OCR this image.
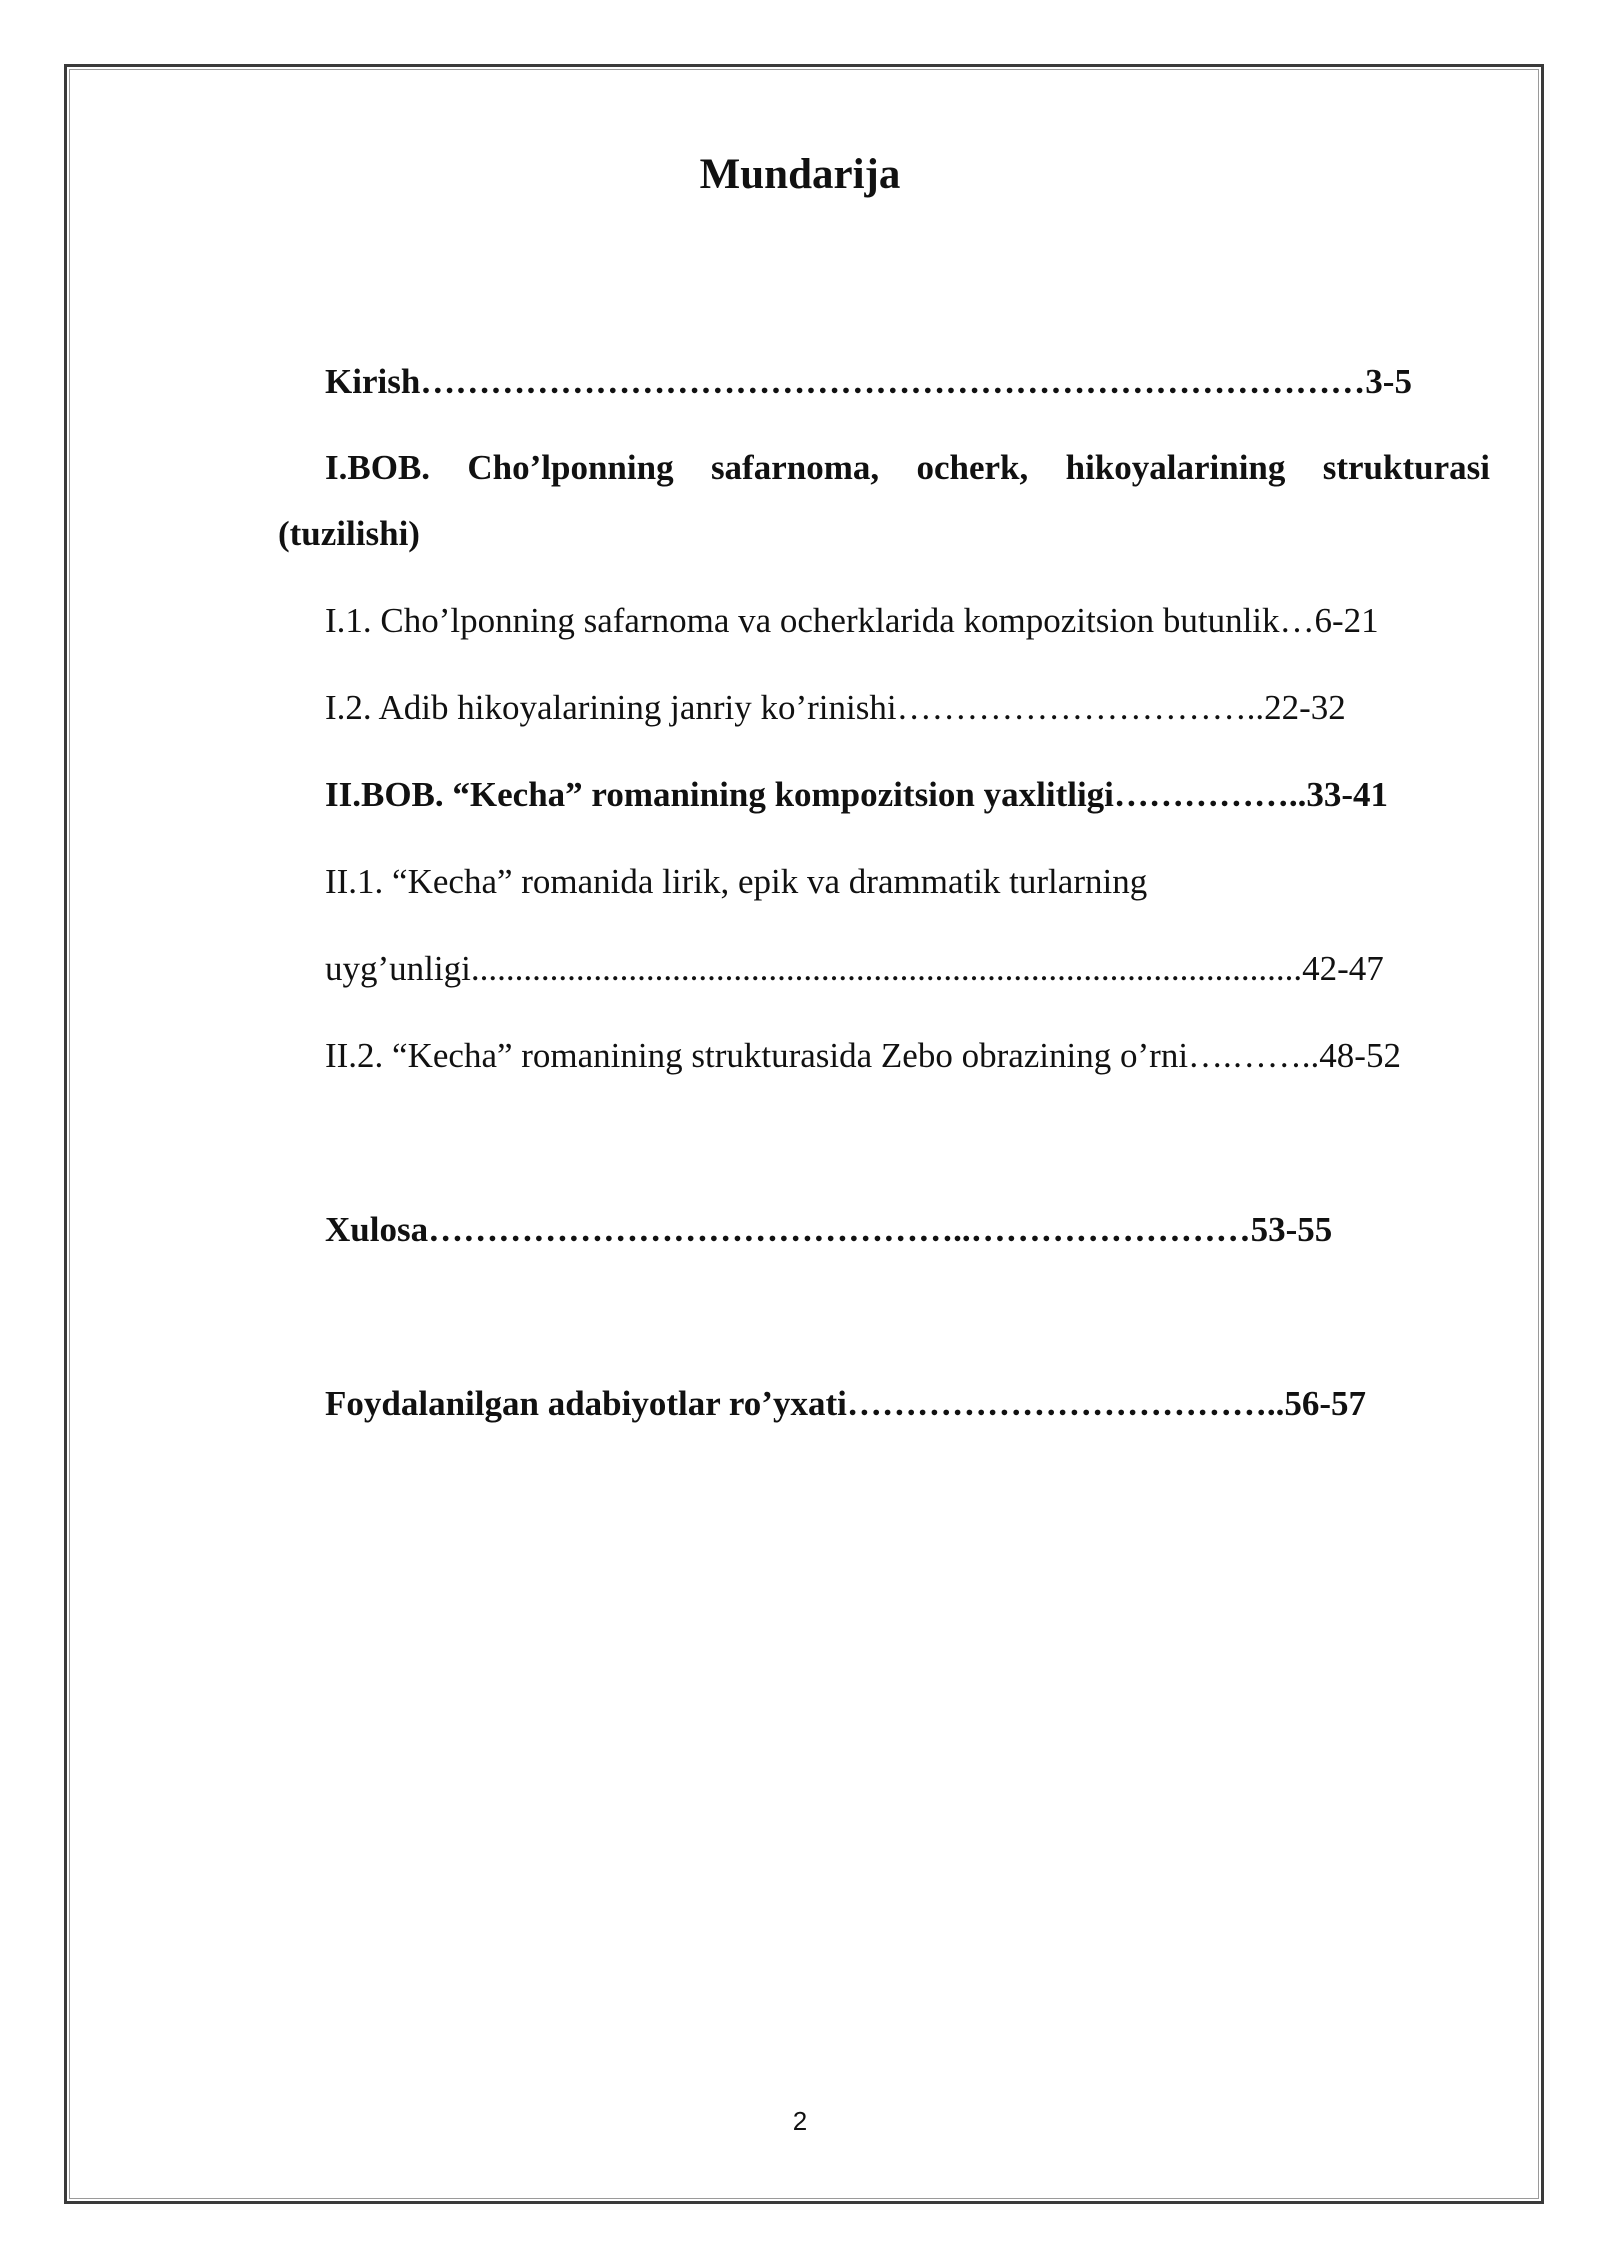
Mundarija
Kirish………………………………………………………………………3-5
I.BOB. Cho’lponning safarnoma, ocherk, hikoyalarining strukturasi
(tuzilishi)
I.1. Cho’lponning safarnoma va ocherklarida kompozitsion butunlik…6-21
I.2. Adib hikoyalarining janriy ko’rinishi…………………………..22-32
II.BOB. “Kecha” romanining kompozitsion yaxlitligi……………..33-41
II.1. “Kecha” romanida lirik, epik va drammatik turlarning
uyg’unligi...............................................................................................42-47
II.2. “Kecha” romanining strukturasida Zebo obrazining o’rni….……..48-52
Xulosa………………………………………..……………………53-55
Foydalanilgan adabiyotlar ro’yxati………………………………..56-57
2
